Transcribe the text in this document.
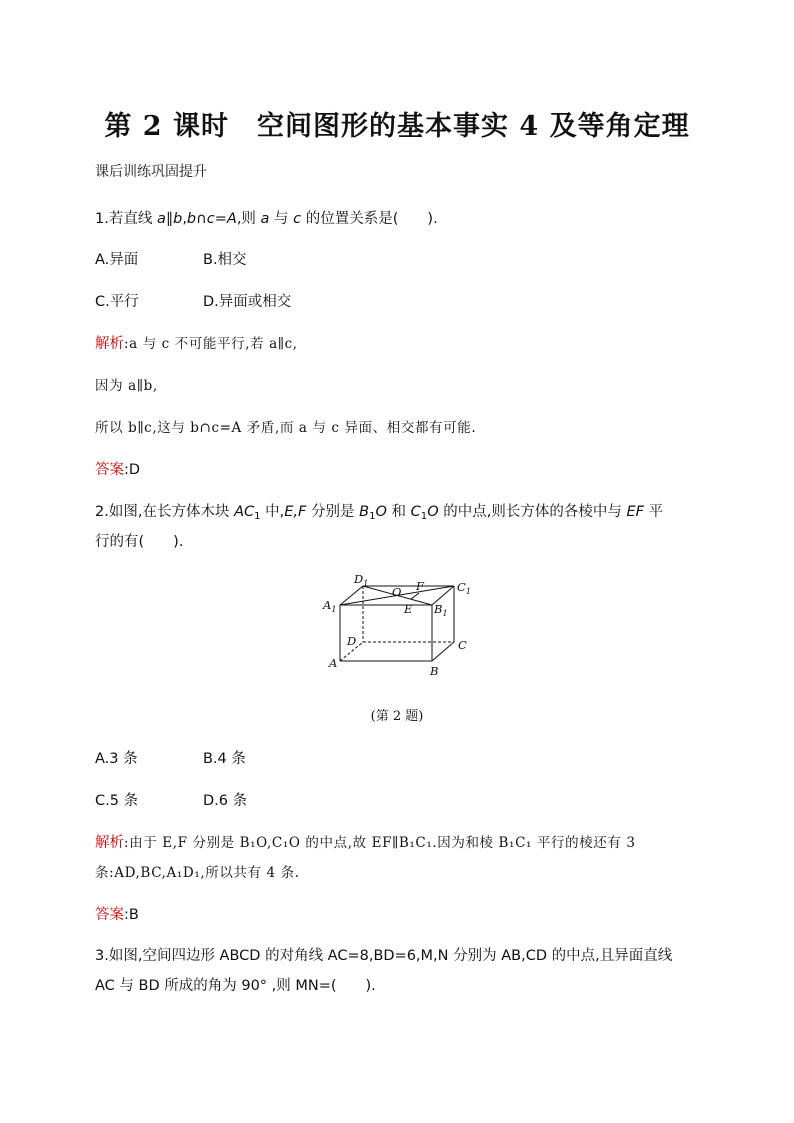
第 2 课时　空间图形的基本事实 4 及等角定理
课后训练巩固提升
1.若直线 a∥b,b∩c=A,则 a 与 c 的位置关系是(　　).
A.异面	B.相交
C.平行	D.异面或相交
解析:a 与 c 不可能平行,若 a∥c,
因为 a∥b,
所以 b∥c,这与 b∩c=A 矛盾,而 a 与 c 异面、相交都有可能.
答案:D
2.如图,在长方体木块 $AC_1$ 中,E,F 分别是 $B_1O$ 和 $C_1O$ 的中点,则长方体的各棱中与 EF 平
行的有(　　).
$D_1$
O F	$C_1$
$A_1$	E $B_1$
D	C
A
B
(第 2 题)
A.3 条	B.4 条
C.5 条	D.6 条
解析:由于 E,F 分别是 B₁O,C₁O 的中点,故 EF∥B₁C₁.因为和棱 B₁C₁ 平行的棱还有 3
条:AD,BC,A₁D₁,所以共有 4 条.
答案:B
3.如图,空间四边形 ABCD 的对角线 AC=8,BD=6,M,N 分别为 AB,CD 的中点,且异面直线
AC 与 BD 所成的角为 90° ,则 MN=(　　).
